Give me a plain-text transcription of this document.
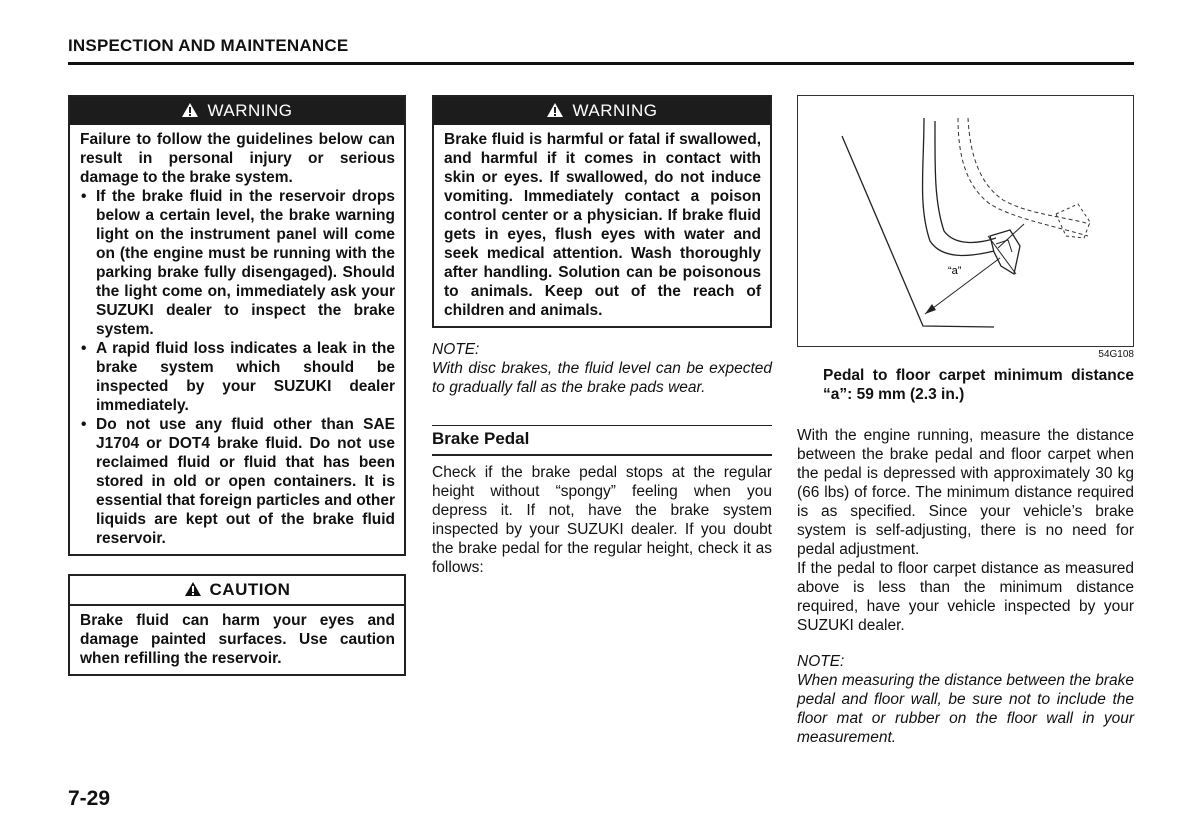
INSPECTION AND MAINTENANCE
WARNING

Failure to follow the guidelines below can result in personal injury or serious damage to the brake system.

• If the brake fluid in the reservoir drops below a certain level, the brake warning light on the instrument panel will come on (the engine must be running with the parking brake fully disengaged). Should the light come on, immediately ask your SUZUKI dealer to inspect the brake system.
• A rapid fluid loss indicates a leak in the brake system which should be inspected by your SUZUKI dealer immediately.
• Do not use any fluid other than SAE J1704 or DOT4 brake fluid. Do not use reclaimed fluid or fluid that has been stored in old or open containers. It is essential that foreign particles and other liquids are kept out of the brake fluid reservoir.
CAUTION

Brake fluid can harm your eyes and damage painted surfaces. Use caution when refilling the reservoir.

WARNING

Brake fluid is harmful or fatal if swallowed, and harmful if it comes in contact with skin or eyes. If swallowed, do not induce vomiting. Immediately contact a poison control center or a physician. If brake fluid gets in eyes, flush eyes with water and seek medical attention. Wash thoroughly after handling. Solution can be poisonous to animals. Keep out of the reach of children and animals.

NOTE:

With disc brakes, the fluid level can be expected to gradually fall as the brake pads wear.

Brake Pedal

Check if the brake pedal stops at the regular height without “spongy” feeling when you depress it. If not, have the brake system inspected by your SUZUKI dealer. If you doubt the brake pedal for the regular height, check it as follows:

“a”
54G108

Pedal to floor carpet minimum distance “a”: 59 mm (2.3 in.)

With the engine running, measure the distance between the brake pedal and floor carpet when the pedal is depressed with approximately 30 kg (66 lbs) of force. The minimum distance required is as specified. Since your vehicle’s brake system is self-adjusting, there is no need for pedal adjustment.

If the pedal to floor carpet distance as measured above is less than the minimum distance required, have your vehicle inspected by your SUZUKI dealer.

NOTE:

When measuring the distance between the brake pedal and floor wall, be sure not to include the floor mat or rubber on the floor wall in your measurement.

7-29
